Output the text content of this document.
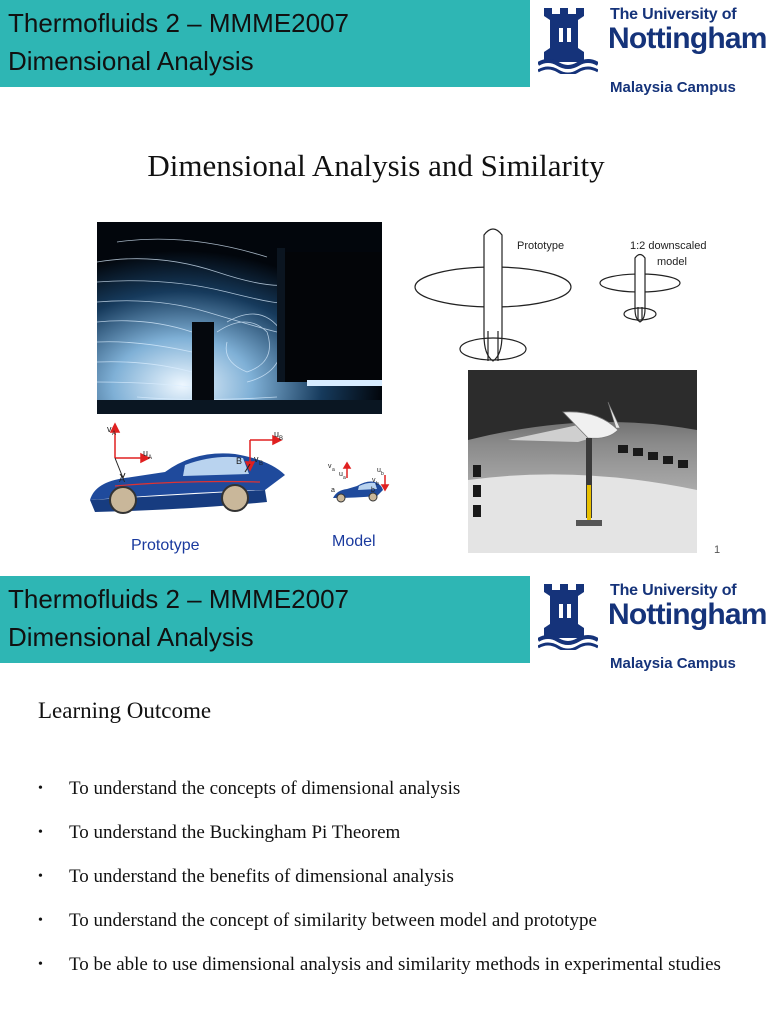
Thermofluids 2 – MMME2007
Dimensional Analysis
The University of
Nottingham
Malaysia Campus
Dimensional Analysis and Similarity
Prototype	1:2 downscaled
model
v A
u A
A
u B
v B
B
v a
u a
a
u b
v b
b
Prototype	Model	1
Thermofluids 2 – MMME2007
Dimensional Analysis
The University of
Nottingham
Malaysia Campus
Learning Outcome
• To understand the concepts of dimensional analysis
• To understand the Buckingham Pi Theorem
• To understand the benefits of dimensional analysis
• To understand the concept of similarity between model and prototype
• To be able to use dimensional analysis and similarity methods in experimental studies
